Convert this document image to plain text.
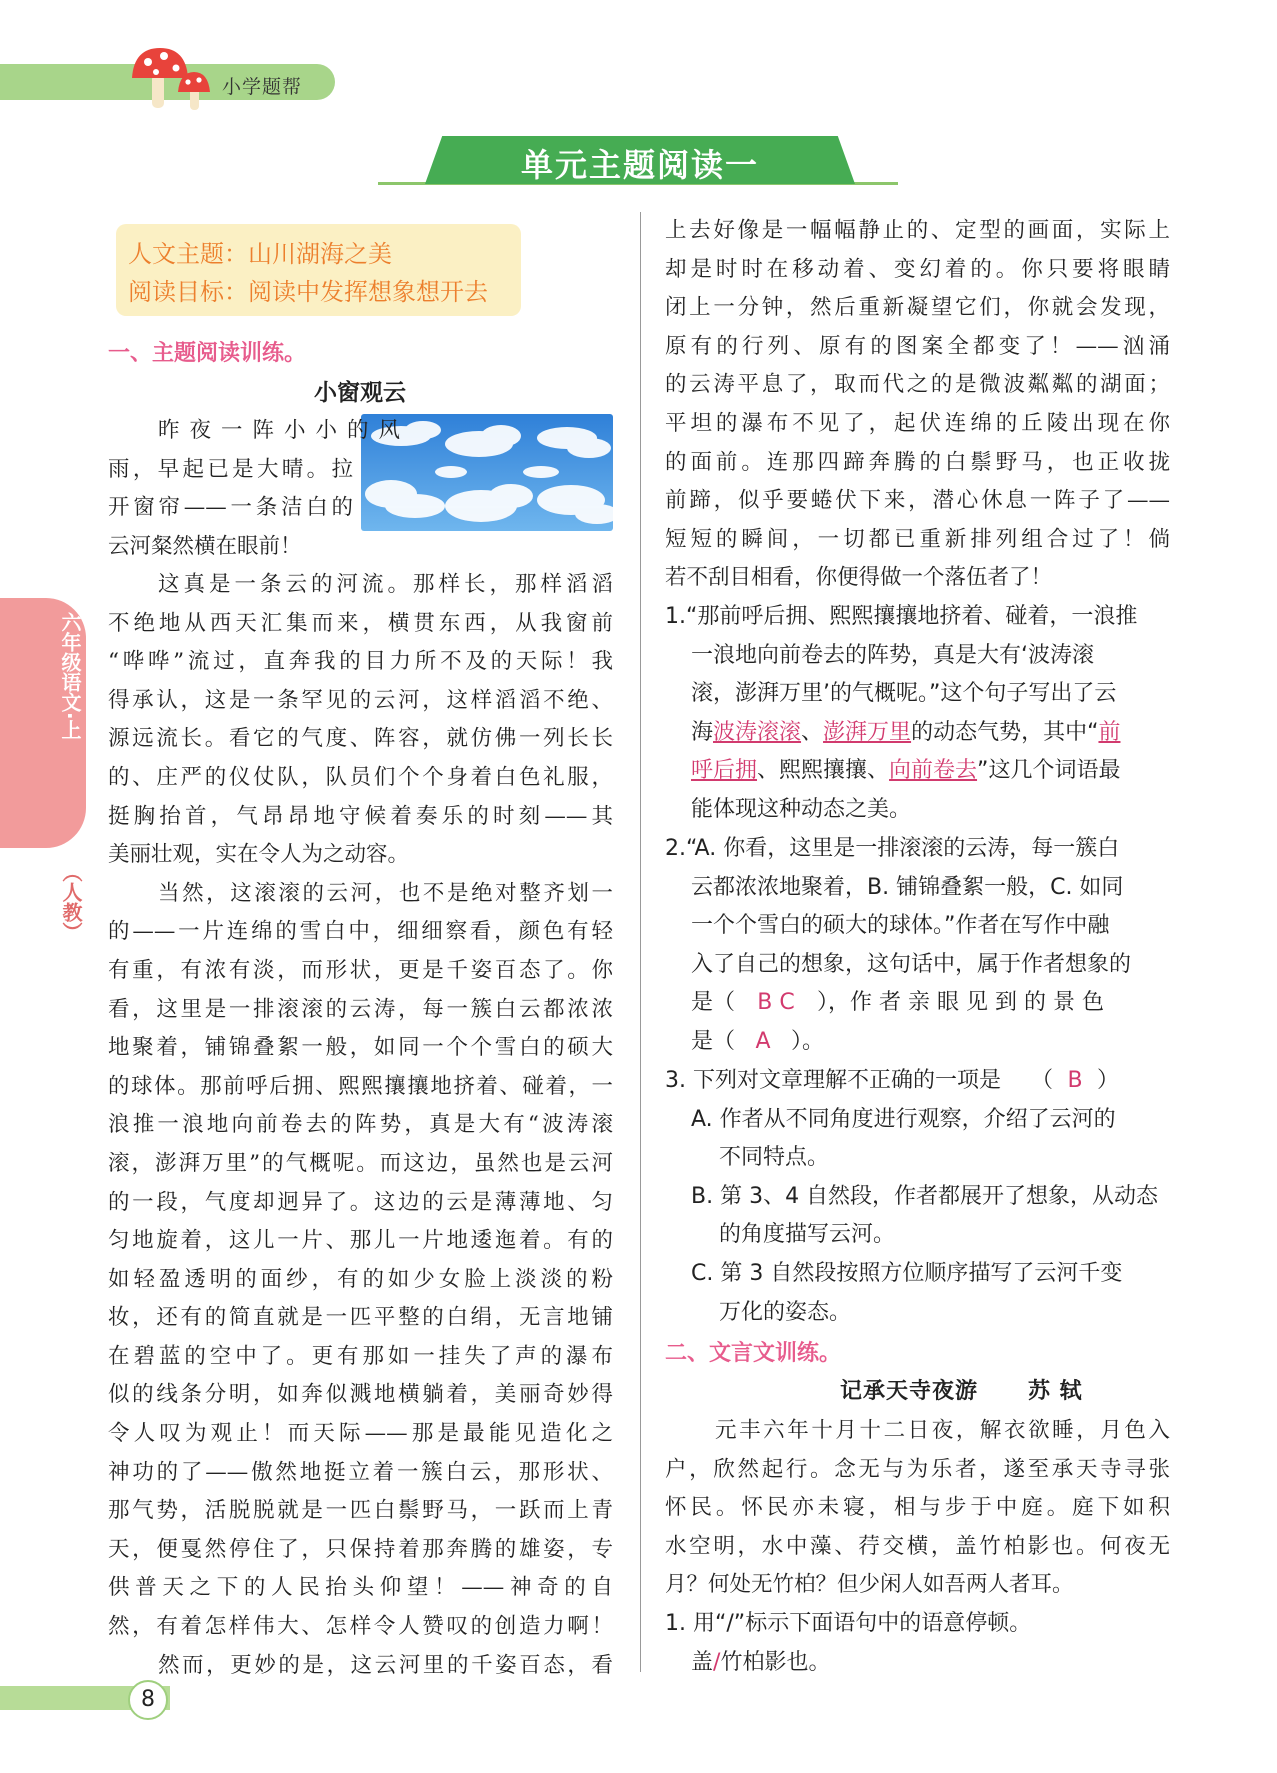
小学题帮
单元主题阅读一
六年级语文·上
（人教）
人文主题：山川湖海之美
阅读目标：阅读中发挥想象想开去
一、主题阅读训练。
小窗观云
昨夜一阵小小的风
雨，早起已是大晴。拉
开窗帘——一条洁白的
云河粲然横在眼前！
这真是一条云的河流。那样长，那样滔滔
不绝地从西天汇集而来，横贯东西，从我窗前
“哗哗”流过，直奔我的目力所不及的天际！我
得承认，这是一条罕见的云河，这样滔滔不绝、
源远流长。看它的气度、阵容，就仿佛一列长长
的、庄严的仪仗队，队员们个个身着白色礼服，
挺胸抬首，气昂昂地守候着奏乐的时刻——其
美丽壮观，实在令人为之动容。
当然，这滚滚的云河，也不是绝对整齐划一
的——一片连绵的雪白中，细细察看，颜色有轻
有重，有浓有淡，而形状，更是千姿百态了。你
看，这里是一排滚滚的云涛，每一簇白云都浓浓
地聚着，铺锦叠絮一般，如同一个个雪白的硕大
的球体。那前呼后拥、熙熙攘攘地挤着、碰着，一
浪推一浪地向前卷去的阵势，真是大有“波涛滚
滚，澎湃万里”的气概呢。而这边，虽然也是云河
的一段，气度却迥异了。这边的云是薄薄地、匀
匀地旋着，这儿一片、那儿一片地逶迤着。有的
如轻盈透明的面纱，有的如少女脸上淡淡的粉
妆，还有的简直就是一匹平整的白绢，无言地铺
在碧蓝的空中了。更有那如一挂失了声的瀑布
似的线条分明，如奔似溅地横躺着，美丽奇妙得
令人叹为观止！而天际——那是最能见造化之
神功的了——傲然地挺立着一簇白云，那形状、
那气势，活脱脱就是一匹白鬃野马，一跃而上青
天，便戛然停住了，只保持着那奔腾的雄姿，专
供普天之下的人民抬头仰望！——神奇的自
然，有着怎样伟大、怎样令人赞叹的创造力啊！
然而，更妙的是，这云河里的千姿百态，看
上去好像是一幅幅静止的、定型的画面，实际上
却是时时在移动着、变幻着的。你只要将眼睛
闭上一分钟，然后重新凝望它们，你就会发现，
原有的行列、原有的图案全都变了！——汹涌
的云涛平息了，取而代之的是微波粼粼的湖面；
平坦的瀑布不见了，起伏连绵的丘陵出现在你
的面前。连那四蹄奔腾的白鬃野马，也正收拢
前蹄，似乎要蜷伏下来，潜心休息一阵子了——
短短的瞬间，一切都已重新排列组合过了！倘
若不刮目相看，你便得做一个落伍者了！
1.“那前呼后拥、熙熙攘攘地挤着、碰着，一浪推
一浪地向前卷去的阵势，真是大有‘波涛滚
滚，澎湃万里’的气概呢。”这个句子写出了云
海波涛滚滚、澎湃万里的动态气势，其中“前
呼后拥、熙熙攘攘、向前卷去”这几个词语最
能体现这种动态之美。
2.“A. 你看，这里是一排滚滚的云涛，每一簇白
云都浓浓地聚着，B. 铺锦叠絮一般，C. 如同
一个个雪白的硕大的球体。”作者在写作中融
入了自己的想象，这句话中，属于作者想象的
是（ B C ），作 者 亲 眼 见 到 的 景 色
是（ A ）。
3. 下列对文章理解不正确的一项是 （ B ）
A. 作者从不同角度进行观察，介绍了云河的
不同特点。
B. 第 3、4 自然段，作者都展开了想象，从动态
的角度描写云河。
C. 第 3 自然段按照方位顺序描写了云河千变
万化的姿态。
二、文言文训练。
记承天寺夜游 苏 轼
元丰六年十月十二日夜，解衣欲睡，月色入
户，欣然起行。念无与为乐者，遂至承天寺寻张
怀民。怀民亦未寝，相与步于中庭。庭下如积
水空明，水中藻、荇交横，盖竹柏影也。何夜无
月？何处无竹柏？但少闲人如吾两人者耳。
1. 用“/”标示下面语句中的语意停顿。
盖/竹柏影也。
8
